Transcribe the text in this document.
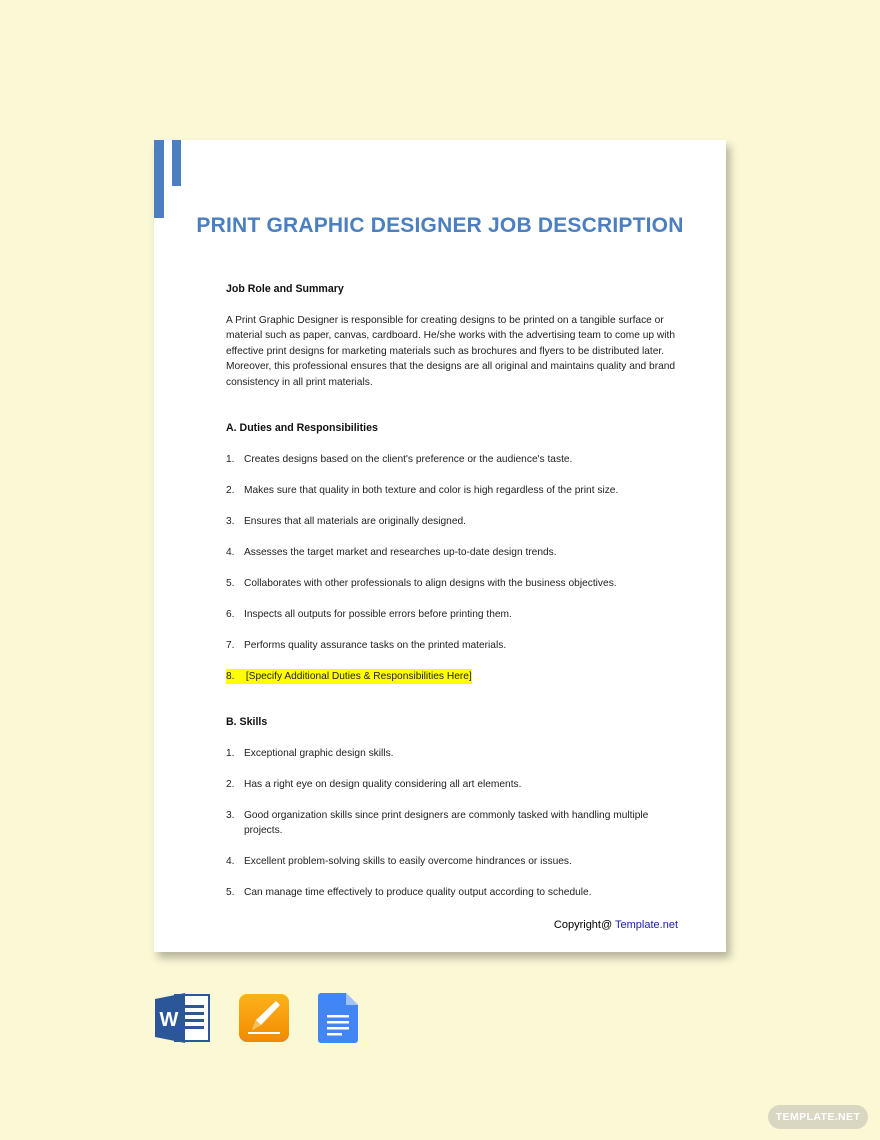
PRINT GRAPHIC DESIGNER JOB DESCRIPTION
Job Role and Summary
A Print Graphic Designer is responsible for creating designs to be printed on a tangible surface or material such as paper, canvas, cardboard. He/she works with the advertising team to come up with effective print designs for marketing materials such as brochures and flyers to be distributed later. Moreover, this professional ensures that the designs are all original and maintains quality and brand consistency in all print materials.
A. Duties and Responsibilities
1. Creates designs based on the client's preference or the audience's taste.
2. Makes sure that quality in both texture and color is high regardless of the print size.
3. Ensures that all materials are originally designed.
4. Assesses the target market and researches up-to-date design trends.
5. Collaborates with other professionals to align designs with the business objectives.
6. Inspects all outputs for possible errors before printing them.
7. Performs quality assurance tasks on the printed materials.
8. [Specify Additional Duties & Responsibilities Here]
B. Skills
1. Exceptional graphic design skills.
2. Has a right eye on design quality considering all art elements.
3. Good organization skills since print designers are commonly tasked with handling multiple projects.
4. Excellent problem-solving skills to easily overcome hindrances or issues.
5. Can manage time effectively to produce quality output according to schedule.
Copyright@ Template.net
W
TEMPLATE.NET
